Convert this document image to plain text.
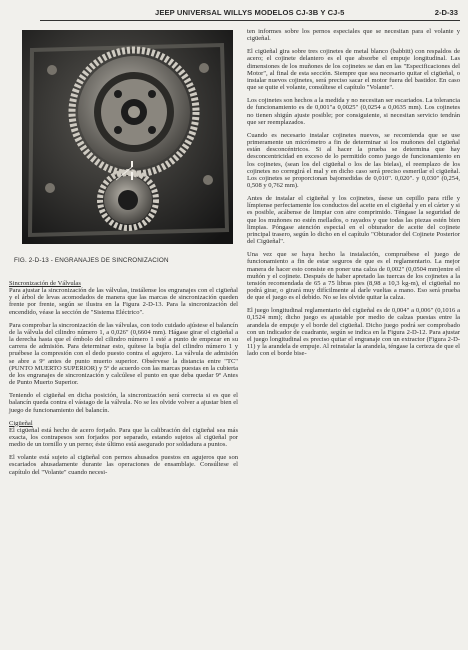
JEEP UNIVERSAL WILLYS MODELOS CJ-3B Y CJ-5	2-D-33
FIG. 2-D-13 - ENGRANAJES DE SINCRONIZACION
Sincronización de Válvulas

Para ajustar la sincronización de las válvulas, instálense los engranajes con el cigüeñal y el árbol de levas acomodados de manera que las marcas de sincronización queden frente por frente, según se ilustra en la Figura 2-D-13. Para la sincronización del encendido, véase la sección de "Sistema Eléctrico".

Para comprobar la sincronización de las válvulas, con todo cuidado ajústese el balancín de la válvula del cilindro número 1, a 0,026" (0,6604 mm). Hágase girar el cigüeñal a la derecha hasta que el émbolo del cilindro número 1 esté a punto de empezar en su carrera de admisión. Para determinar esto, quítese la bujía del cilindro número 1 y pruébese la compresión con el dedo puesto contra el agujero. La válvula de admisión se abre a 9º antes de punto muerto superior. Obsérvese la distancia entre "TC" (PUNTO MUERTO SUPERIOR) y 5º de acuerdo con las marcas puestas en la cubierta de los engranajes de sincronización y calcúlese el punto en que deba quedar 9º Antes de Punto Muerto Superior.

Teniendo el cigüeñal en dicha posición, la sincronización será correcta si es que el balancín queda contra el vástago de la válvula. No se les olvide volver a ajustar bien el juego de funcionamiento del balancín.

Cigüeñal

El cigüeñal está hecho de acero forjado. Para que la calibración del cigüeñal sea más exacta, los contrapesos son forjados por separado, estando sujetos al cigüeñal por medio de un tornillo y un perno; éste último está asegurado por soldadura a puntos.

El volante está sujeto al cigüeñal con pernos ahusados puestos en agujeros que son escariados ahusadamente durante las operaciones de ensamblaje. Consúltese el capítulo del "Volante" cuando necesi-

ten informes sobre los pernos especiales que se necesitan para el volante y cigüeñal.

El cigüeñal gira sobre tres cojinetes de metal blanco (babbitt) con respaldos de acero; el cojinete delantero es el que absorbe el empuje longitudinal. Las dimensiones de los muñones de los cojinetes se dan en las "Especificaciones del Motor", al final de esta sección. Siempre que sea necesario quitar el cigüeñal, o instalar nuevos cojinetes, será preciso sacar el motor fuera del bastidor. En caso que se quite el volante, consúltese el capítulo "Volante".

Los cojinetes son hechos a la medida y no necesitan ser escariados. La tolerancia de funcionamiento es de 0,001"a 0,0025" (0,0254 a 0,0635 mm). Los cojinetes no tienen shigún ajuste posible; por consiguiente, si necesitan servicio tendrán que ser reemplazados.

Cuando es necesario instalar cojinetes nuevos, se recomienda que se use primeramente un micrómetro a fin de determinar si los muñones del cigüeñal están desconcéntricos. Si al hacer la prueba se determina que hay desconcentricidad en exceso de lo permitido como juego de funcionamiento en los cojinetes, (sean los del cigüeñal o los de las bielas), el reemplazo de los cojinetes no corregirá el mal y en dicho caso será preciso esmerilar el cigüeñal. Los cojinetes se proporcionan bajomedidas de 0,010". 0,020". y 0,030" (0,254, 0,508 y 0,762 mm).

Antes de instalar el cigüeñal y los cojinetes, úsese un cepillo para rifle y límpiense perfectamente los conductos del aceite en el cigüeñal y en el cárter y si es posible, acábense de limpiar con aire comprimido. Téngase la seguridad de que los muñones no estén mellados, o rayados y que todas las piezas estén bien limpias. Póngase atención especial en el obturador de aceite del cojinete principal trasero, según lo dicho en el capítulo "Obturador del Cojinete Posterior del Cigüeñal".

Una vez que se haya hecho la instalación, compruébese el juego de funcionamiento a fin de estar seguros de que es el reglamentario. La mejor manera de hacer esto consiste en poner una calza de 0,002" (0,0504 mm)entre el muñón y el cojinete. Después de haber apretado las tuercas de los cojinetes a la tensión recomendada de 65 a 75 libras pies (8,98 a 10,3 kg-m), el cigüeñal no podrá girar, o girará muy difícilmente al darle vueltas a mano. Eso será prueba de que el juego es el debido. No se les olvide quitar la calza.

El juego longitudinal reglamentario del cigüeñal es de 0,004" a 0,006" (0,1016 a 0,1524 mm); dicho juego es ajustable por medio de calzas puestas entre la arandela de empuje y el borde del cigüeñal. Dicho juego podrá ser comprobado con un indicador de cuadrante, según se indica en la Figura 2-D-12. Para ajustar el juego longitudinal es preciso quitar el engranaje con un extractor (Figura 2-D-11) y la arandela de empuje. Al reinstalar la arandela, téngase la certeza de que el lado con el borde bise-
